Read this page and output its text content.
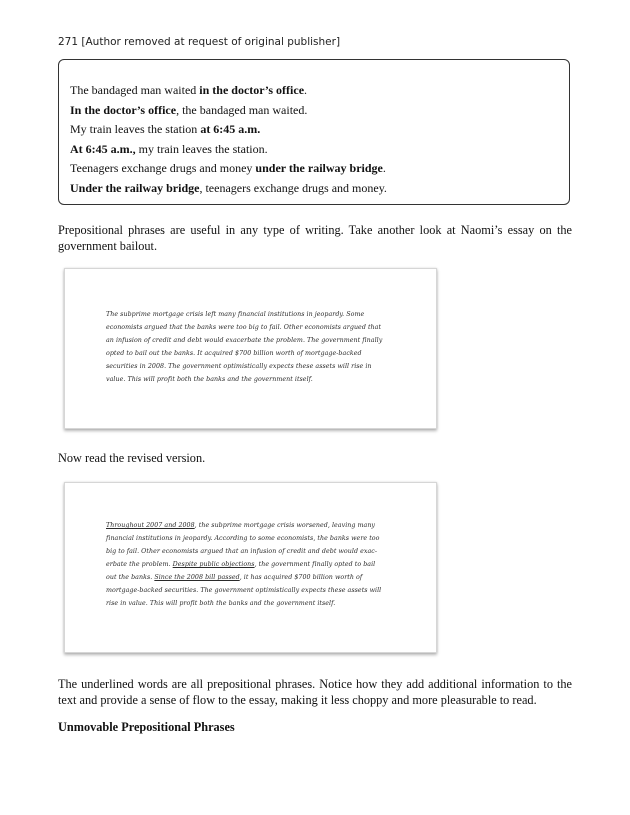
271 [Author removed at request of original publisher]
The bandaged man waited in the doctor’s office.
In the doctor’s office, the bandaged man waited.
My train leaves the station at 6:45 a.m.
At 6:45 a.m., my train leaves the station.
Teenagers exchange drugs and money under the railway bridge.
Under the railway bridge, teenagers exchange drugs and money.

Prepositional phrases are useful in any type of writing. Take another look at Naomi’s essay on the government bailout.

The subprime mortgage crisis left many financial institutions in jeopardy. Some
economists argued that the banks were too big to fail. Other economists argued that
an infusion of credit and debt would exacerbate the problem. The government finally
opted to bail out the banks. It acquired $700 billion worth of mortgage-backed
securities in 2008. The government optimistically expects these assets will rise in
value. This will profit both the banks and the government itself.

Now read the revised version.

Throughout 2007 and 2008, the subprime mortgage crisis worsened, leaving many
financial institutions in jeopardy. According to some economists, the banks were too
big to fail. Other economists argued that an infusion of credit and debt would exac-
erbate the problem. Despite public objections, the government finally opted to bail
out the banks. Since the 2008 bill passed, it has acquired $700 billion worth of
mortgage-backed securities. The government optimistically expects these assets will
rise in value. This will profit both the banks and the government itself.

The underlined words are all prepositional phrases. Notice how they add additional information to the text and provide a sense of flow to the essay, making it less choppy and more pleasurable to read.

Unmovable Prepositional Phrases
